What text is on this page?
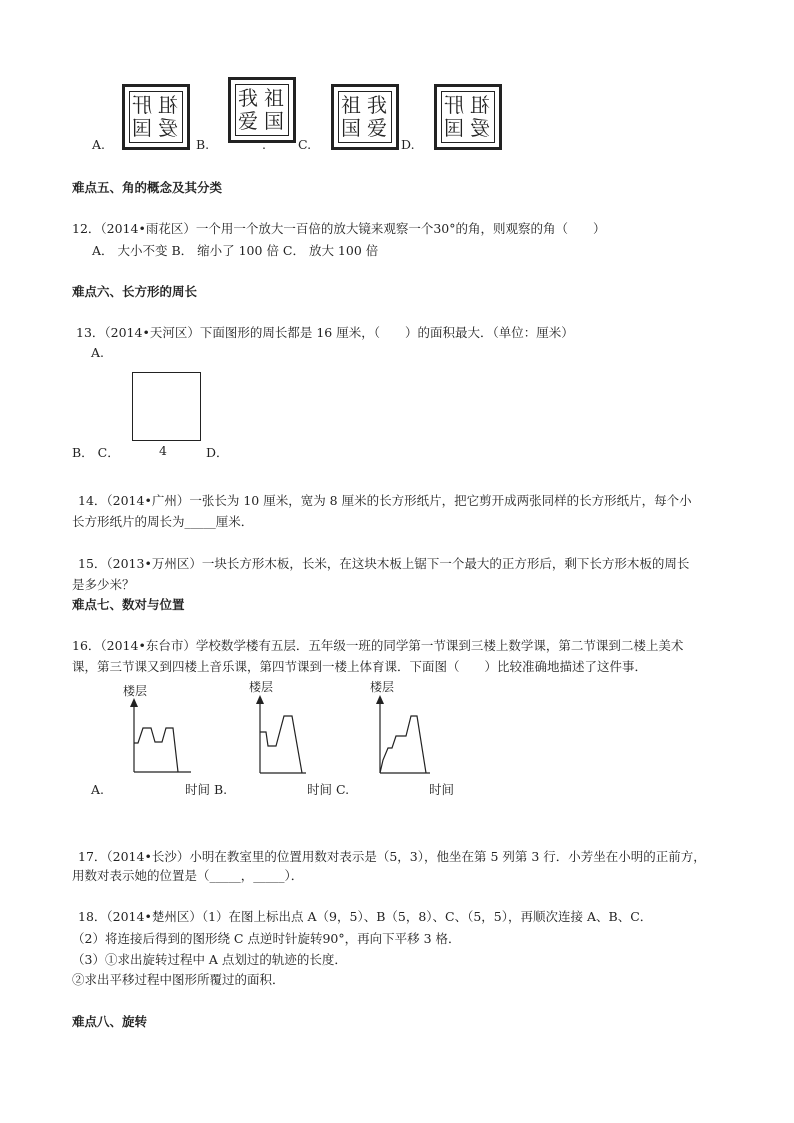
肝 祖
国 爱
我 祖
爱 国
祖 我
国 爱
肝 祖
国 爱
A.	B.	.	C.	D.
难点五、角的概念及其分类
12．（2014•雨花区）一个用一个放大一百倍的放大镜来观察一个30°的角，则观察的角（　　）
A． 大小不变 B． 缩小了 100 倍 C． 放大 100 倍
难点六、长方形的周长
13．（2014•天河区）下面图形的周长都是 16 厘米，（　　）的面积最大．（单位：厘米）
A.
B． C．	4	D．
14．（2014•广州）一张长为 10 厘米，宽为 8 厘米的长方形纸片，把它剪开成两张同样的长方形纸片，每个小
长方形纸片的周长为_____厘米．
15．（2013•万州区）一块长方形木板，长米，在这块木板上锯下一个最大的正方形后，剩下长方形木板的周长
是多少米？
难点七、数对与位置
16．（2014•东台市）学校数学楼有五层．五年级一班的同学第一节课到三楼上数学课，第二节课到二楼上美术
课，第三节课又到四楼上音乐课，第四节课到一楼上体育课．下面图（　　）比较准确地描述了这件事．
楼层
A.	时间 B.
楼层
时间 C.
楼层
时间
17．（2014•长沙）小明在教室里的位置用数对表示是（5，3），他坐在第 5 列第 3 行．小芳坐在小明的正前方，
用数对表示她的位置是（_____，_____）．
18．（2014•楚州区）（1）在图上标出点 A（9，5）、B（5，8）、C、（5，5），再顺次连接 A、B、C．
（2）将连接后得到的图形绕 C 点逆时针旋转90°，再向下平移 3 格．
（3）①求出旋转过程中 A 点划过的轨迹的长度．
②求出平移过程中图形所覆过的面积．
难点八、旋转
